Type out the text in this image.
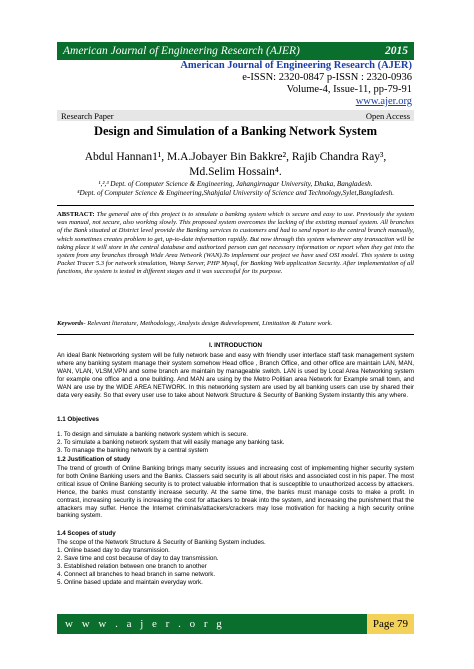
American Journal of Engineering Research (AJER)	2015
American Journal of Engineering Research (AJER)
e-ISSN: 2320-0847 p-ISSN : 2320-0936
Volume-4, Issue-11, pp-79-91
www.ajer.org
Research Paper	Open Access
Design and Simulation of a Banking Network System
Abdul Hannan1¹, M.A.Jobayer Bin Bakkre², Rajib Chandra Ray³,
Md.Selim Hossain⁴.
¹,²,³ Dept. of Computer Science & Engineering, Jahangirnagar University, Dhaka, Bangladesh.
⁴Dept. of Computer Science & Engineering,Shahjalal University of Science and Technology,Sylet,Bangladesh.
ABSTRACT: The general aim of this project is to simulate a banking system which is secure and easy to use. Previously the system was manual, not secure, also working slowly. This proposed system overcomes the lacking of the existing manual system. All branches of the Bank situated at District level provide the Banking services to customers and had to send report to the central branch manually, which sometimes creates problem to get, up-to-date information rapidly. But now through this system whenever any transaction will be taking place it will store in the central database and authorized person can get necessary information or report when they get into the system from any branches through Wide Area Network (WAN).To implement our project we have used OSI model. This system is using Packet Tracer 5.3 for network simulation, Wamp Server, PHP Mysql, for Banking Web application Security. After implementation of all functions, the system is tested in different stages and it was successful for its purpose.
Keywords- Relevant literature, Methodology, Analysis design &development, Limitation & Future work.
I. INTRODUCTION
An ideal Bank Networking system will be fully network base and easy with friendly user interface staff task management system where any banking system manage their system somehow Head office , Branch Office, and other office are maintain LAN, MAN, WAN, VLAN, VLSM,VPN and some branch are maintain by manageable switch. LAN is used by Local Area Networking system for example one office and a one building. And MAN are using by the Metro Politian area Network for Example small town, and WAN are use by the WIDE AREA NETWORK. In this networking system are used by all banking users can use by shared their data very easily. So that every user use to take about Network Structure & Security of Banking System instantly this any where.
1.1 Objectives
1. To design and simulate a banking network system which is secure.
2. To simulate a banking network system that will easily manage any banking task.
3. To manage the banking network by a central system
1.2 Justification of study
The trend of growth of Online Banking brings many security issues and increasing cost of implementing higher security system for both Online Banking users and the Banks. Classers said security is all about risks and associated cost in his paper. The most critical issue of Online Banking security is to protect valuable information that is susceptible to unauthorized access by attackers. Hence, the banks must constantly increase security. At the same time, the banks must manage costs to make a profit. In contrast, increasing security is increasing the cost for attackers to break into the system, and increasing the punishment that the attackers may suffer. Hence the Internet criminals/attackers/crackers may lose motivation for hacking a high security online banking system.
1.4 Scopes of study
The scope of the Network Structure & Security of Banking System includes.
1. Online based day to day transmission.
2. Save time and cost because of day to day transmission.
3. Established relation between one branch to another
4. Connect all branches to head branch in same network.
5. Online based update and maintain everyday work.
w w w . a j e r . o r g	Page 79
